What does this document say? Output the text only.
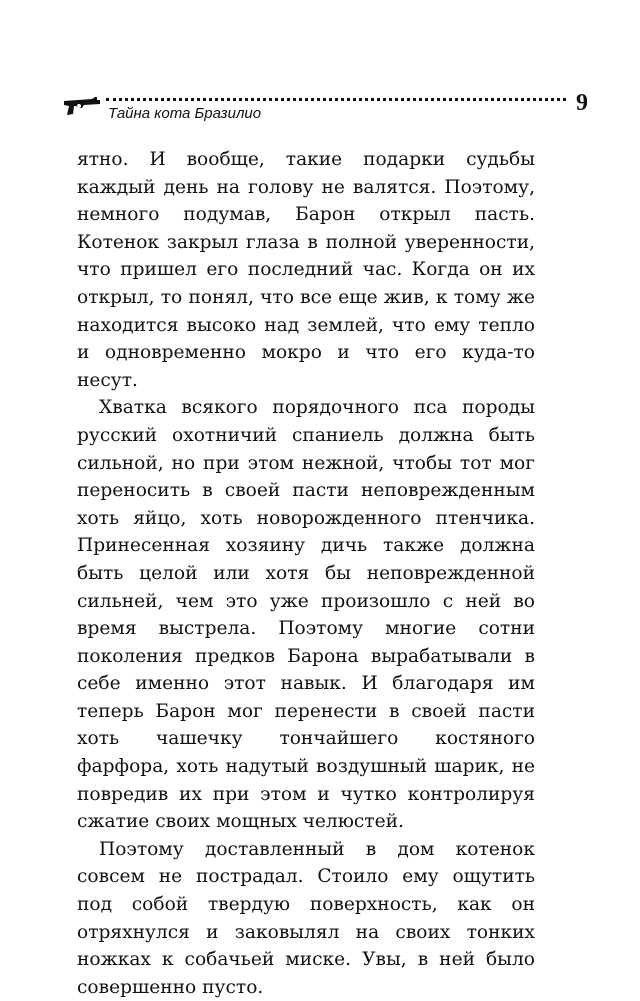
Тайна кота Бразилио	9

ятно. И вообще, такие подарки судьбы каждый день на голову не валятся. Поэтому, немного подумав, Барон открыл пасть. Котенок закрыл глаза в полной уверенности, что пришел его последний час. Когда он их открыл, то понял, что все еще жив, к тому же находится высоко над землей, что ему тепло и одновременно мокро и что его куда-то несут.

Хватка всякого порядочного пса породы русский охотничий спаниель должна быть сильной, но при этом нежной, чтобы тот мог переносить в своей пасти неповрежденным хоть яйцо, хоть новорожденного птенчика. Принесенная хозяину дичь также должна быть целой или хотя бы неповрежденной сильней, чем это уже произошло с ней во время выстрела. Поэтому многие сотни поколения предков Барона вырабатывали в себе именно этот навык. И благодаря им теперь Барон мог перенести в своей пасти хоть чашечку тончайшего костяного фарфора, хоть надутый воздушный шарик, не повредив их при этом и чутко контролируя сжатие своих мощных челюстей.

Поэтому доставленный в дом котенок совсем не пострадал. Стоило ему ощутить под собой твердую поверхность, как он отряхнулся и заковылял на своих тонких ножках к собачьей миске. Увы, в ней было совершенно пусто.
